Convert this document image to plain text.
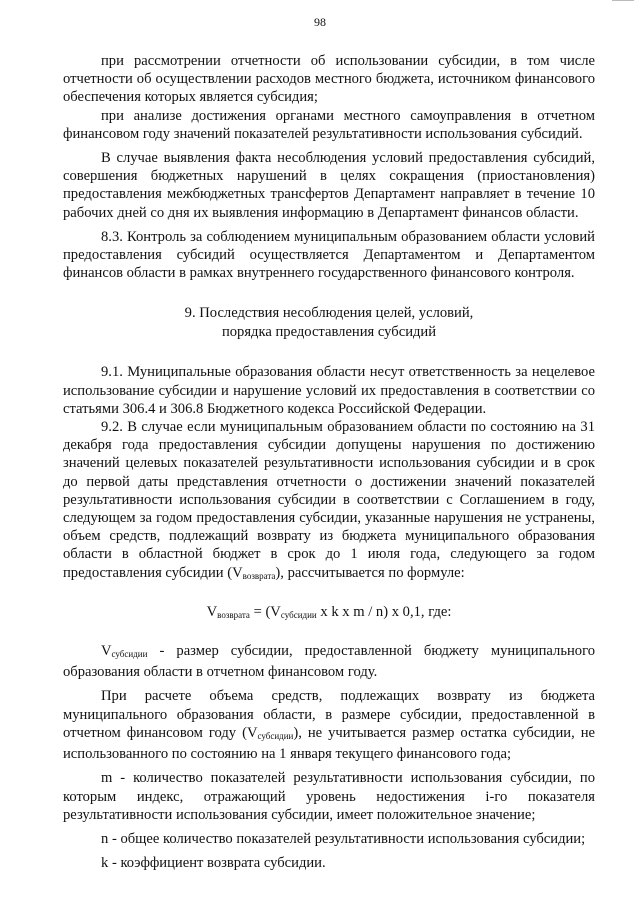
98

при рассмотрении отчетности об использовании субсидии, в том числе отчетности об осуществлении расходов местного бюджета, источником финансового обеспечения которых является субсидия;

при анализе достижения органами местного самоуправления в отчетном финансовом году значений показателей результативности использования субсидий.

В случае выявления факта несоблюдения условий предоставления субсидий, совершения бюджетных нарушений в целях сокращения (приостановления) предоставления межбюджетных трансфертов Департамент направляет в течение 10 рабочих дней со дня их выявления информацию в Департамент финансов области.

8.3. Контроль за соблюдением муниципальным образованием области условий предоставления субсидий осуществляется Департаментом и Департаментом финансов области в рамках внутреннего государственного финансового контроля.

9. Последствия несоблюдения целей, условий,
порядка предоставления субсидий

9.1. Муниципальные образования области несут ответственность за нецелевое использование субсидии и нарушение условий их предоставления в соответствии со статьями 306.4 и 306.8 Бюджетного кодекса Российской Федерации.

9.2. В случае если муниципальным образованием области по состоянию на 31 декабря года предоставления субсидии допущены нарушения по достижению значений целевых показателей результативности использования субсидии и в срок до первой даты представления отчетности о достижении значений показателей результативности использования субсидии в соответствии с Соглашением в году, следующем за годом предоставления субсидии, указанные нарушения не устранены, объем средств, подлежащий возврату из бюджета муниципального образования области в областной бюджет в срок до 1 июля года, следующего за годом предоставления субсидии $(V_{возврата})$, рассчитывается по формуле:

$V_{возврата} = (V_{субсидии}$ x k x m / n) x 0,1, где:

$V_{субсидии}$ - размер субсидии, предоставленной бюджету муниципального образования области в отчетном финансовом году.

При расчете объема средств, подлежащих возврату из бюджета муниципального образования области, в размере субсидии, предоставленной в отчетном финансовом году $(V_{субсидии})$, не учитывается размер остатка субсидии, не использованного по состоянию на 1 января текущего финансового года;

m - количество показателей результативности использования субсидии, по которым индекс, отражающий уровень недостижения i-го показателя результативности использования субсидии, имеет положительное значение;

n - общее количество показателей результативности использования субсидии;

k - коэффициент возврата субсидии.
